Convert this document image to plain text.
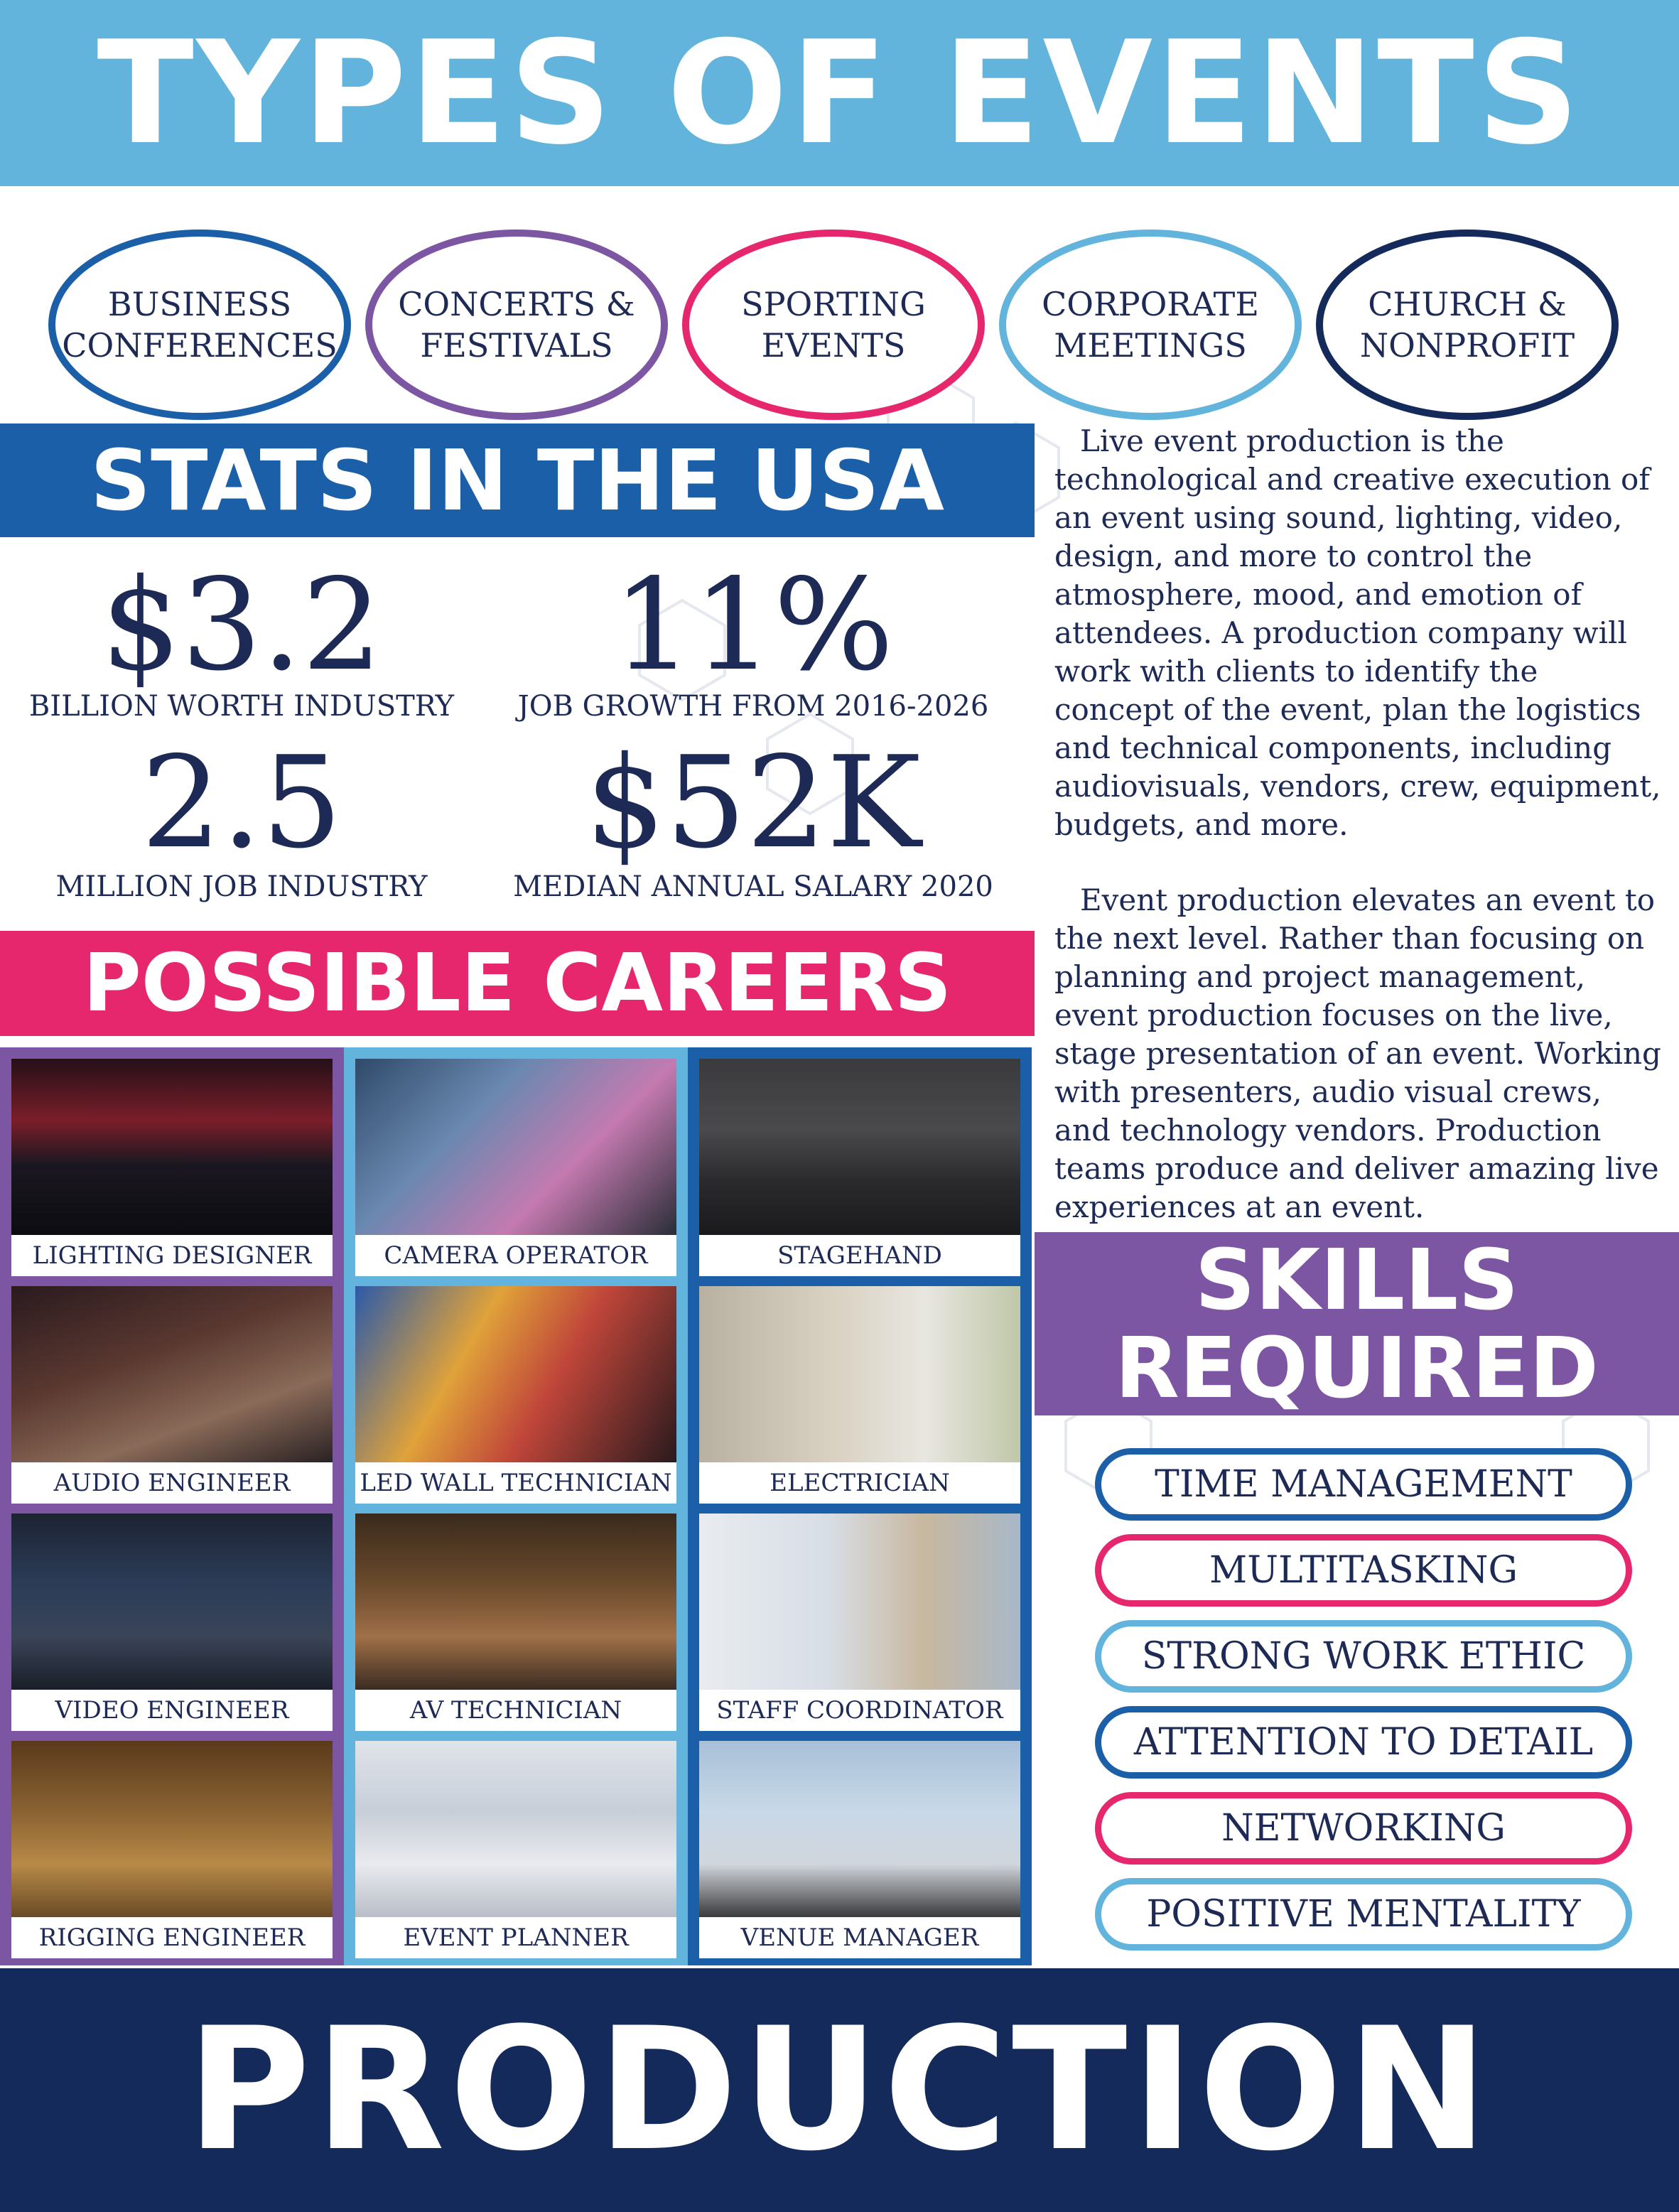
TYPES OF EVENTS
BUSINESS
CONFERENCES
CONCERTS &
FESTIVALS
SPORTING
EVENTS
CORPORATE
MEETINGS
CHURCH &
NONPROFIT
STATS IN THE USA
$3.2
BILLION WORTH INDUSTRY
11%
JOB GROWTH FROM 2016-2026
2.5
MILLION JOB INDUSTRY
$52K
MEDIAN ANNUAL SALARY 2020

Live event production is the technological and creative execution of an event using sound, lighting, video, design, and more to control the atmosphere, mood, and emotion of attendees. A production company will work with clients to identify the concept of the event, plan the logistics and technical components, including audiovisuals, vendors, crew, equipment, budgets, and more.

Event production elevates an event to the next level. Rather than focusing on planning and project management, event production focuses on the live, stage presentation of an event. Working with presenters, audio visual crews, and technology vendors. Production teams produce and deliver amazing live experiences at an event.

POSSIBLE CAREERS
LIGHTING DESIGNER
AUDIO ENGINEER
VIDEO ENGINEER
RIGGING ENGINEER
CAMERA OPERATOR
LED WALL TECHNICIAN
AV TECHNICIAN
EVENT PLANNER
STAGEHAND
ELECTRICIAN
STAFF COORDINATOR
VENUE MANAGER
SKILLS
REQUIRED
TIME MANAGEMENT
MULTITASKING
STRONG WORK ETHIC
ATTENTION TO DETAIL
NETWORKING
POSITIVE MENTALITY
PRODUCTION
